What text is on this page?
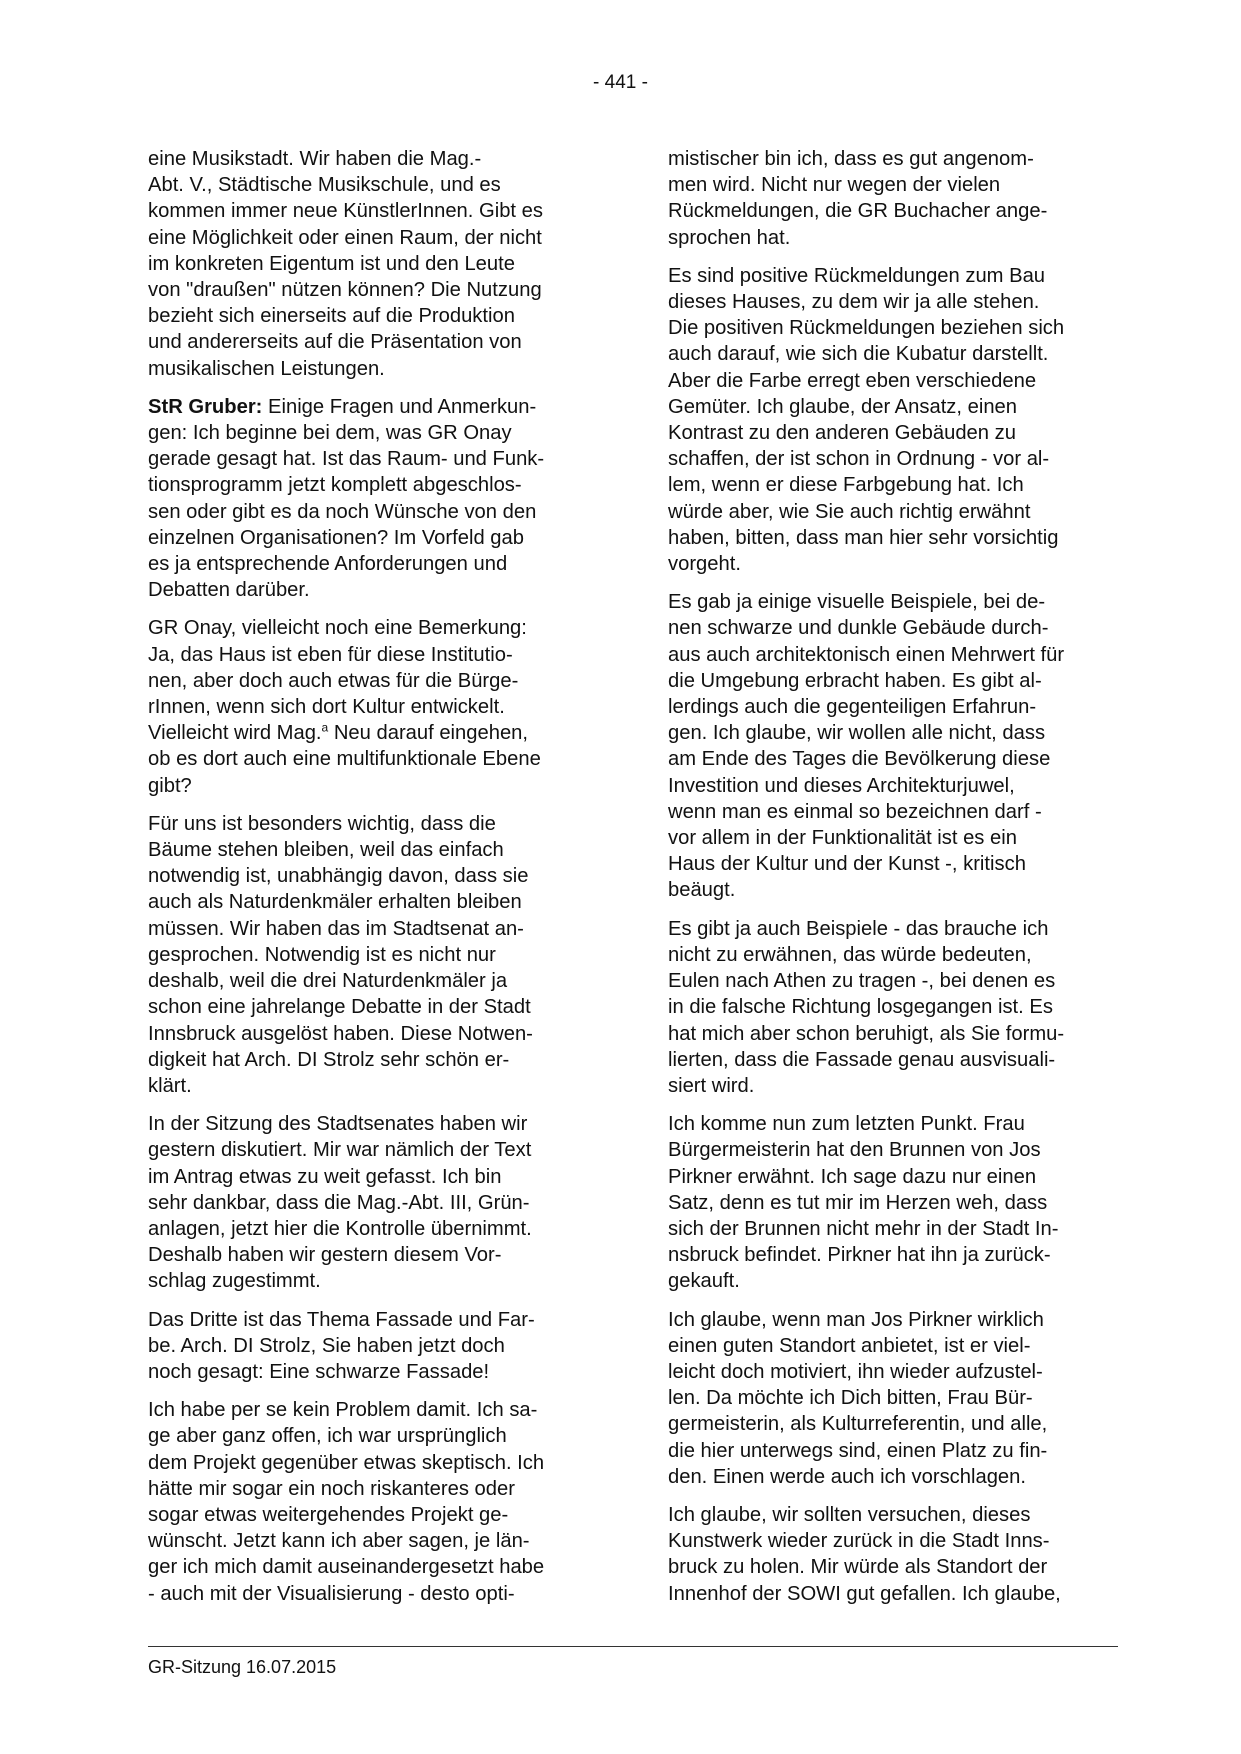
- 441 -
eine Musikstadt. Wir haben die Mag.-
Abt. V., Städtische Musikschule, und es
kommen immer neue KünstlerInnen. Gibt es
eine Möglichkeit oder einen Raum, der nicht
im konkreten Eigentum ist und den Leute
von "draußen" nützen können? Die Nutzung
bezieht sich einerseits auf die Produktion
und andererseits auf die Präsentation von
musikalischen Leistungen.
StR Gruber: Einige Fragen und Anmerkun-
gen: Ich beginne bei dem, was GR Onay
gerade gesagt hat. Ist das Raum- und Funk-
tionsprogramm jetzt komplett abgeschlos-
sen oder gibt es da noch Wünsche von den
einzelnen Organisationen? Im Vorfeld gab
es ja entsprechende Anforderungen und
Debatten darüber.
GR Onay, vielleicht noch eine Bemerkung:
Ja, das Haus ist eben für diese Institutio-
nen, aber doch auch etwas für die Bürge-
rInnen, wenn sich dort Kultur entwickelt.
Vielleicht wird Mag.$^a$ Neu darauf eingehen,
ob es dort auch eine multifunktionale Ebene
gibt?
Für uns ist besonders wichtig, dass die
Bäume stehen bleiben, weil das einfach
notwendig ist, unabhängig davon, dass sie
auch als Naturdenkmäler erhalten bleiben
müssen. Wir haben das im Stadtsenat an-
gesprochen. Notwendig ist es nicht nur
deshalb, weil die drei Naturdenkmäler ja
schon eine jahrelange Debatte in der Stadt
Innsbruck ausgelöst haben. Diese Notwen-
digkeit hat Arch. DI Strolz sehr schön er-
klärt.
In der Sitzung des Stadtsenates haben wir
gestern diskutiert. Mir war nämlich der Text
im Antrag etwas zu weit gefasst. Ich bin
sehr dankbar, dass die Mag.-Abt. III, Grün-
anlagen, jetzt hier die Kontrolle übernimmt.
Deshalb haben wir gestern diesem Vor-
schlag zugestimmt.
Das Dritte ist das Thema Fassade und Far-
be. Arch. DI Strolz, Sie haben jetzt doch
noch gesagt: Eine schwarze Fassade!
Ich habe per se kein Problem damit. Ich sa-
ge aber ganz offen, ich war ursprünglich
dem Projekt gegenüber etwas skeptisch. Ich
hätte mir sogar ein noch riskanteres oder
sogar etwas weitergehendes Projekt ge-
wünscht. Jetzt kann ich aber sagen, je län-
ger ich mich damit auseinandergesetzt habe
- auch mit der Visualisierung - desto opti-
mistischer bin ich, dass es gut angenom-
men wird. Nicht nur wegen der vielen
Rückmeldungen, die GR Buchacher ange-
sprochen hat.
Es sind positive Rückmeldungen zum Bau
dieses Hauses, zu dem wir ja alle stehen.
Die positiven Rückmeldungen beziehen sich
auch darauf, wie sich die Kubatur darstellt.
Aber die Farbe erregt eben verschiedene
Gemüter. Ich glaube, der Ansatz, einen
Kontrast zu den anderen Gebäuden zu
schaffen, der ist schon in Ordnung - vor al-
lem, wenn er diese Farbgebung hat. Ich
würde aber, wie Sie auch richtig erwähnt
haben, bitten, dass man hier sehr vorsichtig
vorgeht.
Es gab ja einige visuelle Beispiele, bei de-
nen schwarze und dunkle Gebäude durch-
aus auch architektonisch einen Mehrwert für
die Umgebung erbracht haben. Es gibt al-
lerdings auch die gegenteiligen Erfahrun-
gen. Ich glaube, wir wollen alle nicht, dass
am Ende des Tages die Bevölkerung diese
Investition und dieses Architekturjuwel,
wenn man es einmal so bezeichnen darf -
vor allem in der Funktionalität ist es ein
Haus der Kultur und der Kunst -, kritisch
beäugt.
Es gibt ja auch Beispiele - das brauche ich
nicht zu erwähnen, das würde bedeuten,
Eulen nach Athen zu tragen -, bei denen es
in die falsche Richtung losgegangen ist. Es
hat mich aber schon beruhigt, als Sie formu-
lierten, dass die Fassade genau ausvisuali-
siert wird.
Ich komme nun zum letzten Punkt. Frau
Bürgermeisterin hat den Brunnen von Jos
Pirkner erwähnt. Ich sage dazu nur einen
Satz, denn es tut mir im Herzen weh, dass
sich der Brunnen nicht mehr in der Stadt In-
nsbruck befindet. Pirkner hat ihn ja zurück-
gekauft.
Ich glaube, wenn man Jos Pirkner wirklich
einen guten Standort anbietet, ist er viel-
leicht doch motiviert, ihn wieder aufzustel-
len. Da möchte ich Dich bitten, Frau Bür-
germeisterin, als Kulturreferentin, und alle,
die hier unterwegs sind, einen Platz zu fin-
den. Einen werde auch ich vorschlagen.
Ich glaube, wir sollten versuchen, dieses
Kunstwerk wieder zurück in die Stadt Inns-
bruck zu holen. Mir würde als Standort der
Innenhof der SOWI gut gefallen. Ich glaube,
GR-Sitzung 16.07.2015
